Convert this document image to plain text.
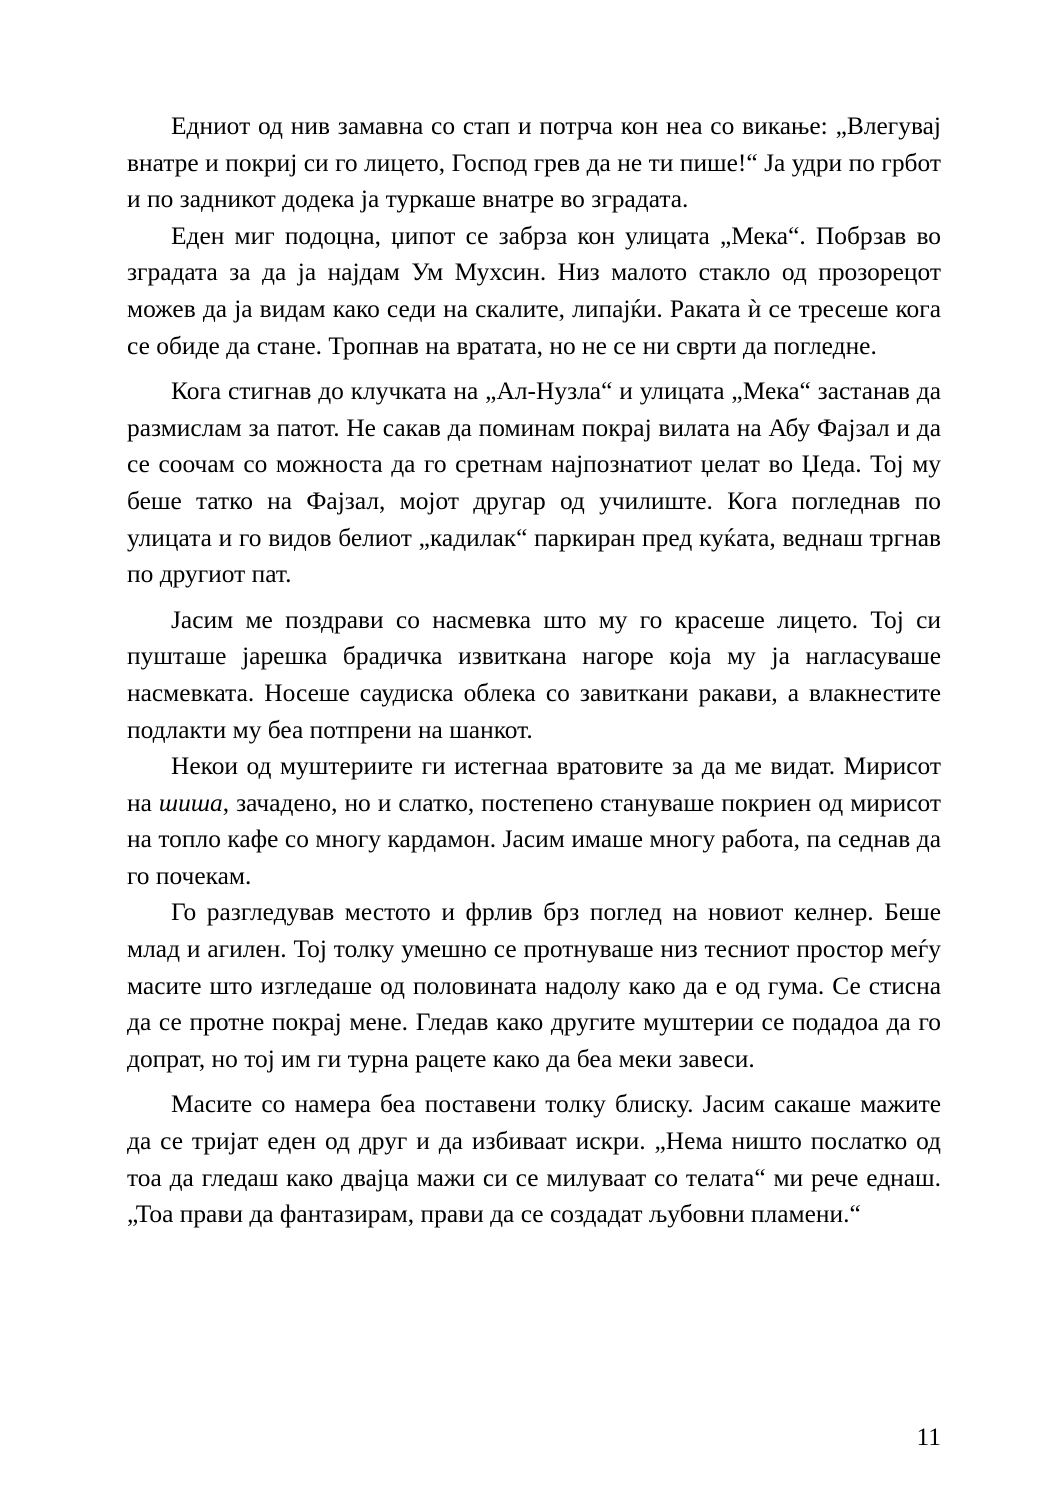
Едниот од нив замавна со стап и потрча кон неа со викање: „Влегувај внатре и покриј си го лицето, Господ грев да не ти пише!“ Ја удри по грбот и по задникот додека ја туркаше внатре во зградата.

Еден миг подоцна, џипот се забрза кон улицата „Мека“. Побрзав во зградата за да ја најдам Ум Мухсин. Низ малото стакло од прозорецот можев да ја видам како седи на скалите, липајќи. Раката ѝ се тресеше кога се обиде да стане. Тропнав на вратата, но не се ни сврти да погледне.

Кога стигнав до клучката на „Ал-Нузла“ и улицата „Мека“ застанав да размислам за патот. Не сакав да поминам покрај вилата на Абу Фајзал и да се соочам со можноста да го сретнам најпознатиот џелат во Џеда. Тој му беше татко на Фајзал, мојот другар од училиште. Кога погледнав по улицата и го видов белиот „кадилак“ паркиран пред куќата, веднаш тргнав по другиот пат.

Јасим ме поздрави со насмевка што му го красеше лицето. Тој си пушташе јарешка брадичка извиткана нагоре која му ја нагласуваше насмевката. Носеше саудиска облека со завиткани ракави, а влакнестите подлакти му беа потпрени на шанкот.

Некои од муштериите ги истегнаа вратовите за да ме видат. Мирисот на шиша, зачадено, но и слатко, постепено стануваше покриен од мирисот на топло кафе со многу кардамон. Јасим имаше многу работа, па седнав да го почекам.

Го разгледував местото и фрлив брз поглед на новиот келнер. Беше млад и агилен. Тој толку умешно се протнуваше низ тесниот простор меѓу масите што изгледаше од половината надолу како да е од гума. Се стисна да се протне покрај мене. Гледав како другите муштерии се подадоа да го допрат, но тој им ги турна рацете како да беа меки завеси.

Масите со намера беа поставени толку блиску. Јасим сакаше мажите да се тријат еден од друг и да избиваат искри. „Нема ништо послатко од тоа да гледаш како двајца мажи си се милуваат со телата“ ми рече еднаш. „Тоа прави да фантазирам, прави да се создадат љубовни пламени.“

11
